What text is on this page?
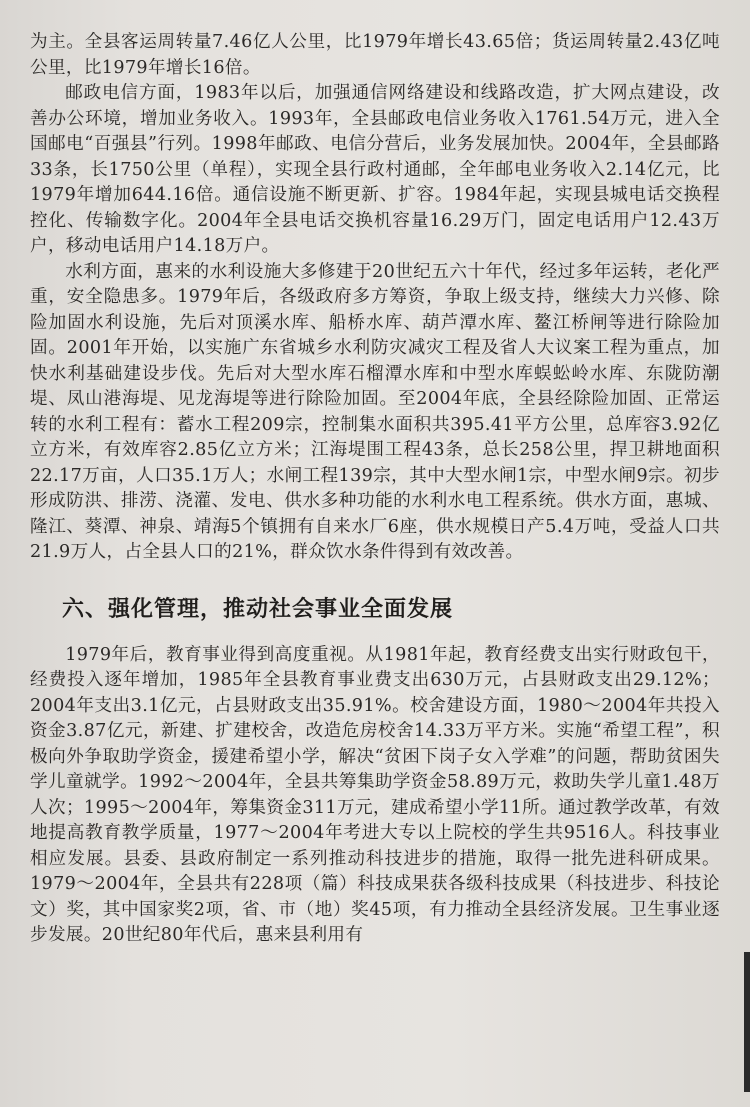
为主。全县客运周转量7.46亿人公里，比1979年增长43.65倍；货运周转量2.43亿吨公里，比1979年增长16倍。

邮政电信方面，1983年以后，加强通信网络建设和线路改造，扩大网点建设，改善办公环境，增加业务收入。1993年，全县邮政电信业务收入1761.54万元，进入全国邮电“百强县”行列。1998年邮政、电信分营后，业务发展加快。2004年，全县邮路33条，长1750公里（单程），实现全县行政村通邮，全年邮电业务收入2.14亿元，比1979年增加644.16倍。通信设施不断更新、扩容。1984年起，实现县城电话交换程控化、传输数字化。2004年全县电话交换机容量16.29万门，固定电话用户12.43万户，移动电话用户14.18万户。

水利方面，惠来的水利设施大多修建于20世纪五六十年代，经过多年运转，老化严重，安全隐患多。1979年后，各级政府多方筹资，争取上级支持，继续大力兴修、除险加固水利设施，先后对顶溪水库、船桥水库、葫芦潭水库、鳌江桥闸等进行除险加固。2001年开始，以实施广东省城乡水利防灾减灾工程及省人大议案工程为重点，加快水利基础建设步伐。先后对大型水库石榴潭水库和中型水库蜈蚣岭水库、东陇防潮堤、凤山港海堤、见龙海堤等进行除险加固。至2004年底，全县经除险加固、正常运转的水利工程有：蓄水工程209宗，控制集水面积共395.41平方公里，总库容3.92亿立方米，有效库容2.85亿立方米；江海堤围工程43条，总长258公里，捍卫耕地面积22.17万亩，人口35.1万人；水闸工程139宗，其中大型水闸1宗，中型水闸9宗。初步形成防洪、排涝、浇灌、发电、供水多种功能的水利水电工程系统。供水方面，惠城、隆江、葵潭、神泉、靖海5个镇拥有自来水厂6座，供水规模日产5.4万吨，受益人口共21.9万人，占全县人口的21%，群众饮水条件得到有效改善。

六、强化管理，推动社会事业全面发展

1979年后，教育事业得到高度重视。从1981年起，教育经费支出实行财政包干，经费投入逐年增加，1985年全县教育事业费支出630万元，占县财政支出29.12%；2004年支出3.1亿元，占县财政支出35.91%。校舍建设方面，1980～2004年共投入资金3.87亿元，新建、扩建校舍，改造危房校舍14.33万平方米。实施“希望工程”，积极向外争取助学资金，援建希望小学，解决“贫困下岗子女入学难”的问题，帮助贫困失学儿童就学。1992～2004年，全县共筹集助学资金58.89万元，救助失学儿童1.48万人次；1995～2004年，筹集资金311万元，建成希望小学11所。通过教学改革，有效地提高教育教学质量，1977～2004年考进大专以上院校的学生共9516人。科技事业相应发展。县委、县政府制定一系列推动科技进步的措施，取得一批先进科研成果。1979～2004年，全县共有228项（篇）科技成果获各级科技成果（科技进步、科技论文）奖，其中国家奖2项，省、市（地）奖45项，有力推动全县经济发展。卫生事业逐步发展。20世纪80年代后，惠来县利用有
